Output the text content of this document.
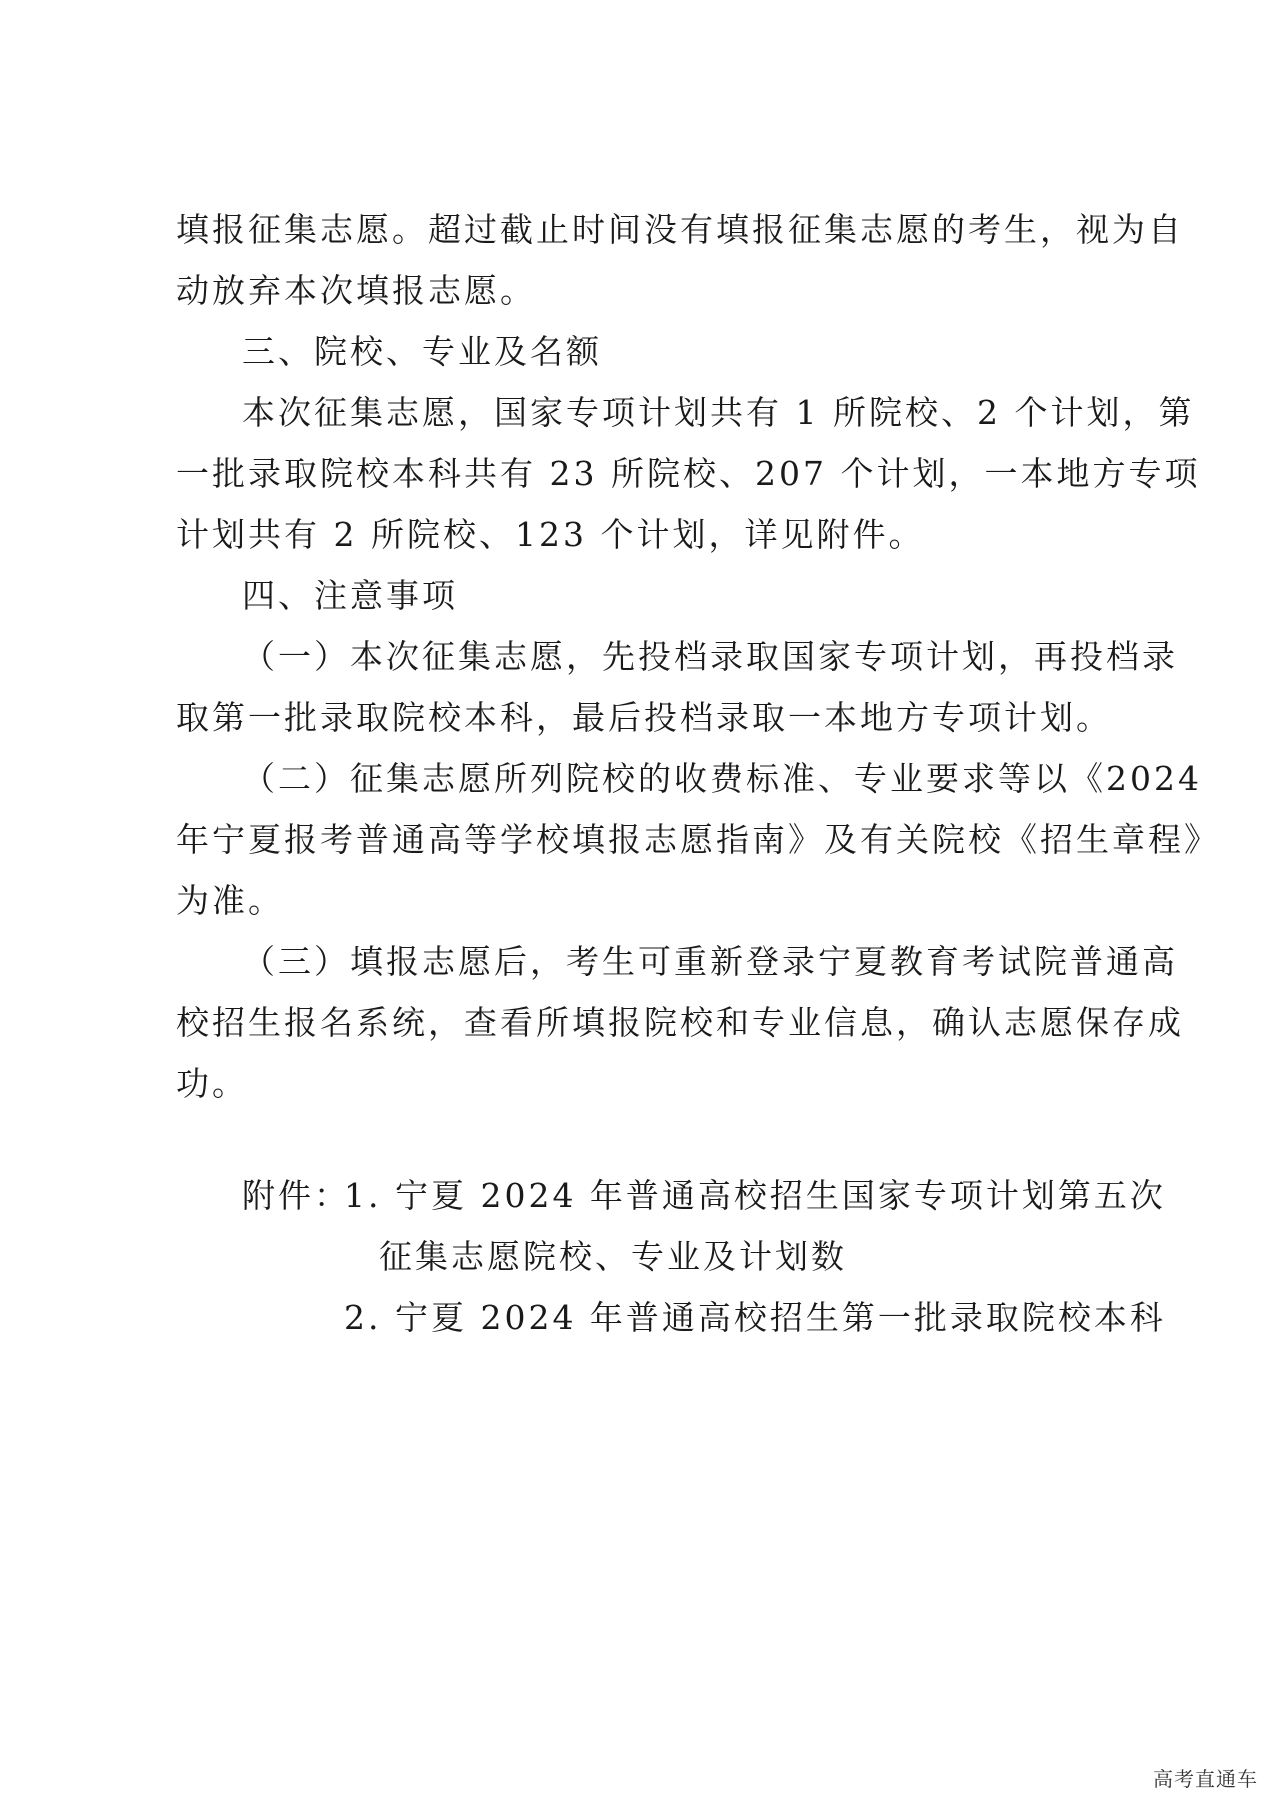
填报征集志愿。超过截止时间没有填报征集志愿的考生，视为自
动放弃本次填报志愿。
三、院校、专业及名额
本次征集志愿，国家专项计划共有 1 所院校、2 个计划，第
一批录取院校本科共有 23 所院校、207 个计划，一本地方专项
计划共有 2 所院校、123 个计划，详见附件。
四、注意事项
（一）本次征集志愿，先投档录取国家专项计划，再投档录
取第一批录取院校本科，最后投档录取一本地方专项计划。
（二）征集志愿所列院校的收费标准、专业要求等以《2024
年宁夏报考普通高等学校填报志愿指南》及有关院校《招生章程》
为准。
（三）填报志愿后，考生可重新登录宁夏教育考试院普通高
校招生报名系统，查看所填报院校和专业信息，确认志愿保存成
功。
附件：
1. 宁夏 2024 年普通高校招生国家专项计划第五次
征集志愿院校、专业及计划数
2. 宁夏 2024 年普通高校招生第一批录取院校本科
高考直通车
